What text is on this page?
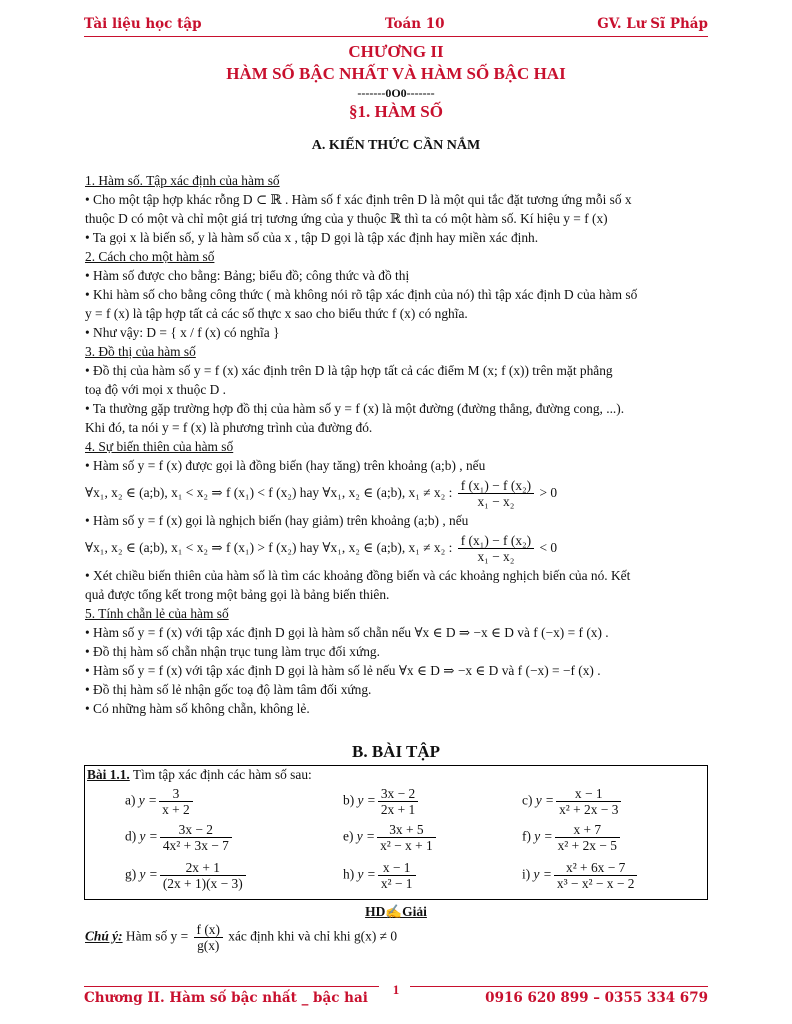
Tài liệu học tập	Toán 10	GV. Lư Sĩ Pháp
CHƯƠNG II
HÀM SỐ BẬC NHẤT VÀ HÀM SỐ BẬC HAI
-------0O0-------
§1. HÀM SỐ
A. KIẾN THỨC CẦN NẮM

1. Hàm số. Tập xác định của hàm số

• Cho một tập hợp khác rỗng D ⊂ ℝ . Hàm số f xác định trên D là một qui tắc đặt tương ứng mỗi số x

thuộc D có một và chỉ một giá trị tương ứng của y thuộc ℝ thì ta có một hàm số. Kí hiệu y = f (x)

• Ta gọi x là biến số, y là hàm số của x , tập D gọi là tập xác định hay miền xác định.

2. Cách cho một hàm số

• Hàm số được cho bằng: Bảng; biểu đồ; công thức và đồ thị

• Khi hàm số cho bằng công thức ( mà không nói rõ tập xác định của nó) thì tập xác định D của hàm số

y = f (x) là tập hợp tất cả các số thực x sao cho biểu thức f (x) có nghĩa.

• Như vậy: D = { x / f (x) có nghĩa }

3. Đồ thị của hàm số

• Đồ thị của hàm số y = f (x) xác định trên D là tập hợp tất cả các điểm M (x; f (x)) trên mặt phẳng

toạ độ với mọi x thuộc D .

• Ta thường gặp trường hợp đồ thị của hàm số y = f (x) là một đường (đường thẳng, đường cong, ...).

Khi đó, ta nói y = f (x) là phương trình của đường đó.

4. Sự biến thiên của hàm số

• Hàm số y = f (x) được gọi là đồng biến (hay tăng) trên khoảng (a;b) , nếu

∀x₁, x₂ ∈ (a;b), x₁ < x₂ ⇒ f (x₁) < f (x₂) hay ∀x₁, x₂ ∈ (a;b), x₁ ≠ x₂ : $\frac{\text{f (x₁) − f (x₂)}}{\text{x₁ − x₂}} > 0$

• Hàm số y = f (x) gọi là nghịch biến (hay giảm) trên khoảng (a;b) , nếu

∀x₁, x₂ ∈ (a;b), x₁ < x₂ ⇒ f (x₁) > f (x₂) hay ∀x₁, x₂ ∈ (a;b), x₁ ≠ x₂ : $\frac{\text{f (x₁) − f (x₂)}}{\text{x₁ − x₂}} < 0$

• Xét chiều biến thiên của hàm số là tìm các khoảng đồng biến và các khoảng nghịch biến của nó. Kết

quả được tổng kết trong một bảng gọi là bảng biến thiên.

5. Tính chẵn lẻ của hàm số

• Hàm số y = f (x) với tập xác định D gọi là hàm số chẵn nếu ∀x ∈ D ⇒ −x ∈ D và f (−x) = f (x) .

• Đồ thị hàm số chẵn nhận trục tung làm trục đối xứng.

• Hàm số y = f (x) với tập xác định D gọi là hàm số lẻ nếu ∀x ∈ D ⇒ −x ∈ D và f (−x) = −f (x) .

• Đồ thị hàm số lẻ nhận gốc toạ độ làm tâm đối xứng.

• Có những hàm số không chẵn, không lẻ.

B. BÀI TẬP
Bài 1.1. Tìm tập xác định các hàm số sau:
a) $y = \frac{3}{x + 2}$	b) $y = \frac{3x - 2}{2x + 1}$	c) $y = \frac{x - 1}{\text{x² + 2x − 3}}$
d) $y = \frac{3x - 2}{\text{4x² + 3x − 7}}$	e) $y = \frac{3x + 5}{\text{x² − x + 1}}$	f) $y = \frac{x + 7}{\text{x² + 2x − 5}}$
g) $y = \frac{2x + 1}{(2x + 1)(x - 3)}$	h) $y = \frac{x - 1}{\text{x² − 1}}$	i) $y = \frac{\text{x² + 6x − 7}}{\text{x³ − x² − x − 2}}$
HD✍Giải
Chú ý: Hàm số $y = \frac{f (x)}{g(x)}$ xác định khi và chỉ khi g(x) ≠ 0
1
Chương II. Hàm số bậc nhất _ bậc hai	0916 620 899 – 0355 334 679
